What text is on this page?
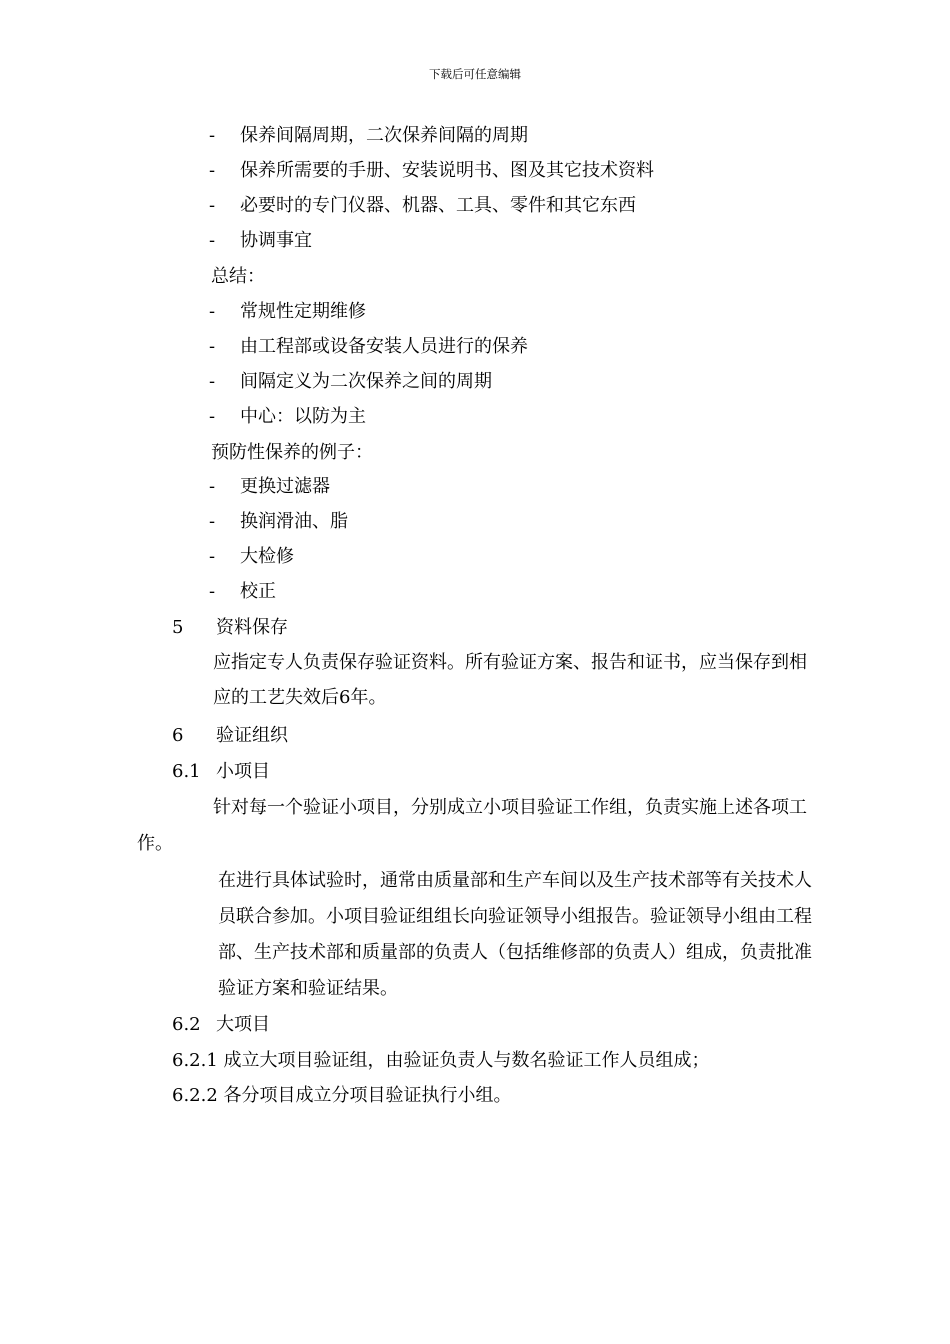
下载后可任意编辑
- 保养间隔周期，二次保养间隔的周期
- 保养所需要的手册、安装说明书、图及其它技术资料
- 必要时的专门仪器、机器、工具、零件和其它东西
- 协调事宜
总结：
- 常规性定期维修
- 由工程部或设备安装人员进行的保养
- 间隔定义为二次保养之间的周期
- 中心：以防为主
预防性保养的例子：
- 更换过滤器
- 换润滑油、脂
- 大检修
- 校正
5 资料保存
应指定专人负责保存验证资料。所有验证方案、报告和证书，应当保存到相
应的工艺失效后6年。
6 验证组织
6.1 小项目
针对每一个验证小项目，分别成立小项目验证工作组，负责实施上述各项工
作。
在进行具体试验时，通常由质量部和生产车间以及生产技术部等有关技术人
员联合参加。小项目验证组组长向验证领导小组报告。验证领导小组由工程
部、生产技术部和质量部的负责人（包括维修部的负责人）组成，负责批准
验证方案和验证结果。
6.2 大项目
6.2.1 成立大项目验证组，由验证负责人与数名验证工作人员组成；
6.2.2 各分项目成立分项目验证执行小组。
